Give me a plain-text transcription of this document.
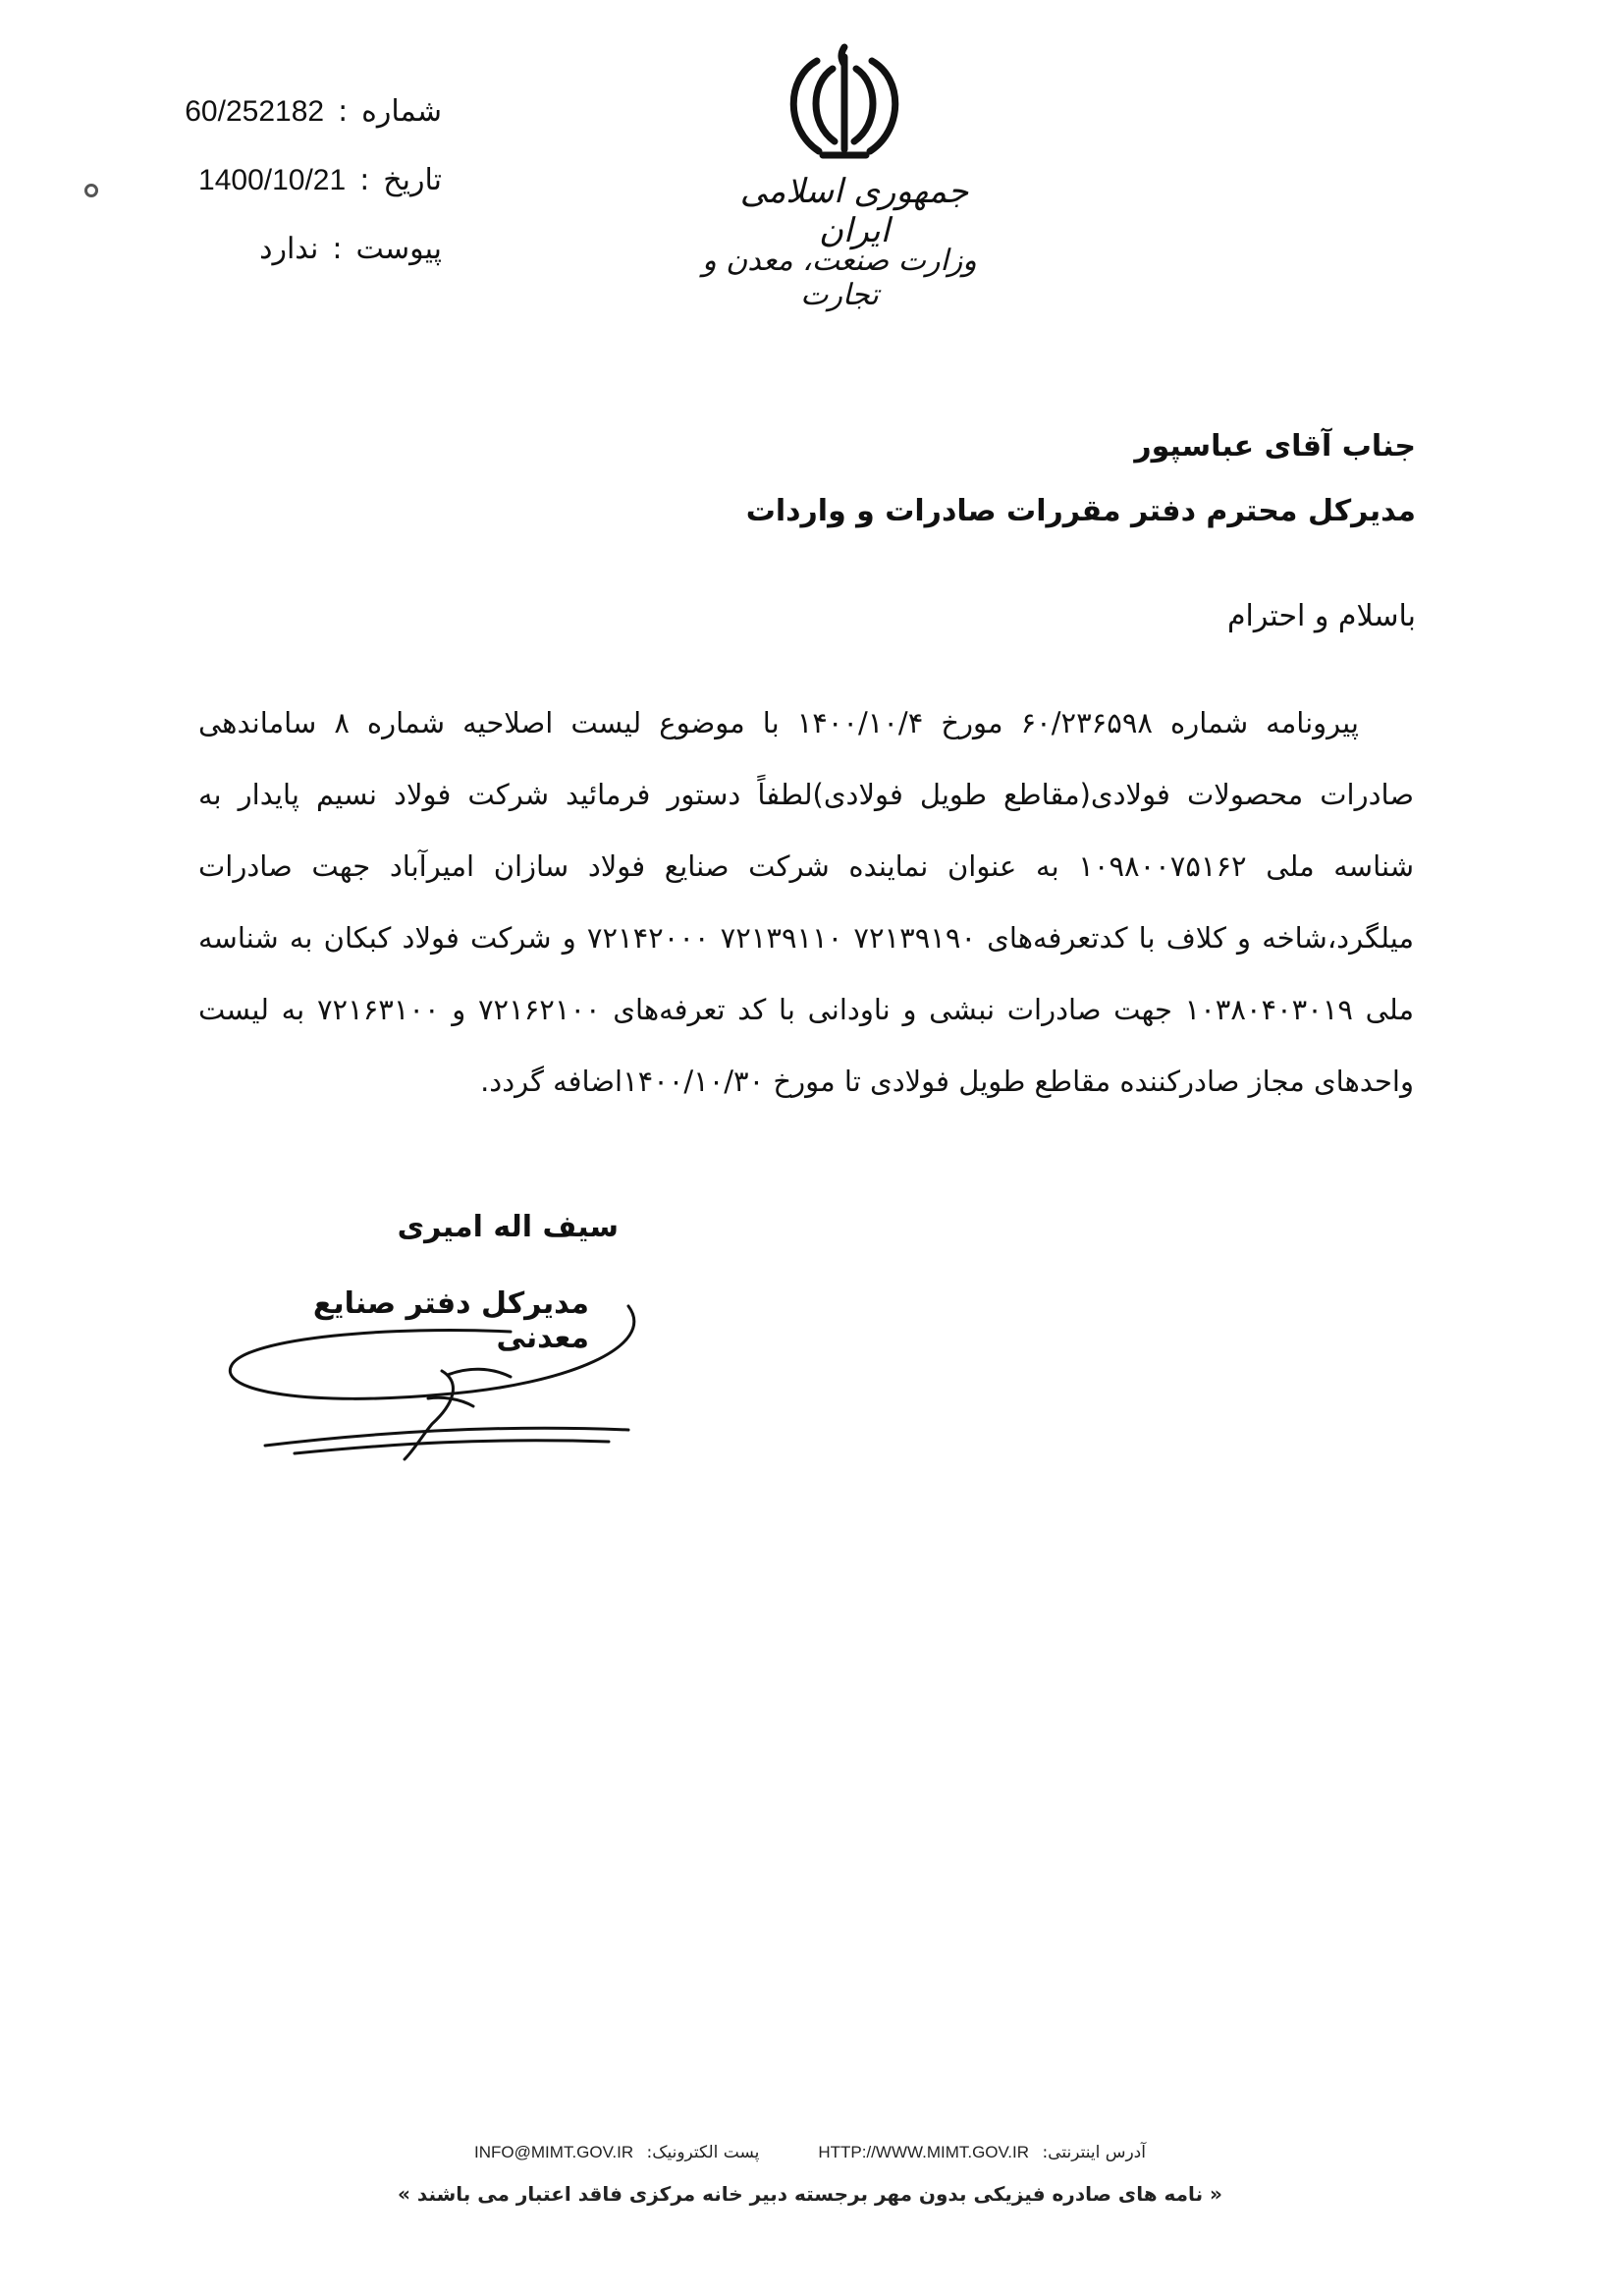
شماره
:
60/252182
تاریخ
:
1400/10/21
پیوست
:
ندارد
جمهوری اسلامی ایران
وزارت صنعت، معدن و تجارت
جناب آقای عباسپور
مدیرکل محترم دفتر مقررات صادرات و واردات
باسلام و احترام

پیرونامه شماره ۶۰/۲۳۶۵۹۸ مورخ ۱۴۰۰/۱۰/۴ با موضوع لیست اصلاحیه شماره ۸ ساماندهی صادرات محصولات فولادی(مقاطع طویل فولادی)لطفاً دستور فرمائید شرکت فولاد نسیم پایدار به شناسه ملی ۱۰۹۸۰۰۷۵۱۶۲ به عنوان نماینده شرکت صنایع فولاد سازان امیرآباد جهت صادرات میلگرد،شاخه و کلاف با کدتعرفه‌های ۷۲۱۳۹۱۹۰ ۷۲۱۳۹۱۱۰ ۷۲۱۴۲۰۰۰ و شرکت فولاد کبکان به شناسه ملی ۱۰۳۸۰۴۰۳۰۱۹ جهت صادرات نبشی و ناودانی با کد تعرفه‌های ۷۲۱۶۲۱۰۰ و ۷۲۱۶۳۱۰۰ به لیست واحدهای مجاز صادرکننده مقاطع طویل فولادی تا مورخ ۱۴۰۰/۱۰/۳۰اضافه گردد.

سیف اله امیری
مدیرکل دفتر صنایع معدنی
آدرس اینترنتی: HTTP://WWW.MIMT.GOV.IR
پست الکترونیک: INFO@MIMT.GOV.IR
« نامه های صادره فیزیکی بدون مهر برجسته دبیر خانه مرکزی فاقد اعتبار می باشند »
